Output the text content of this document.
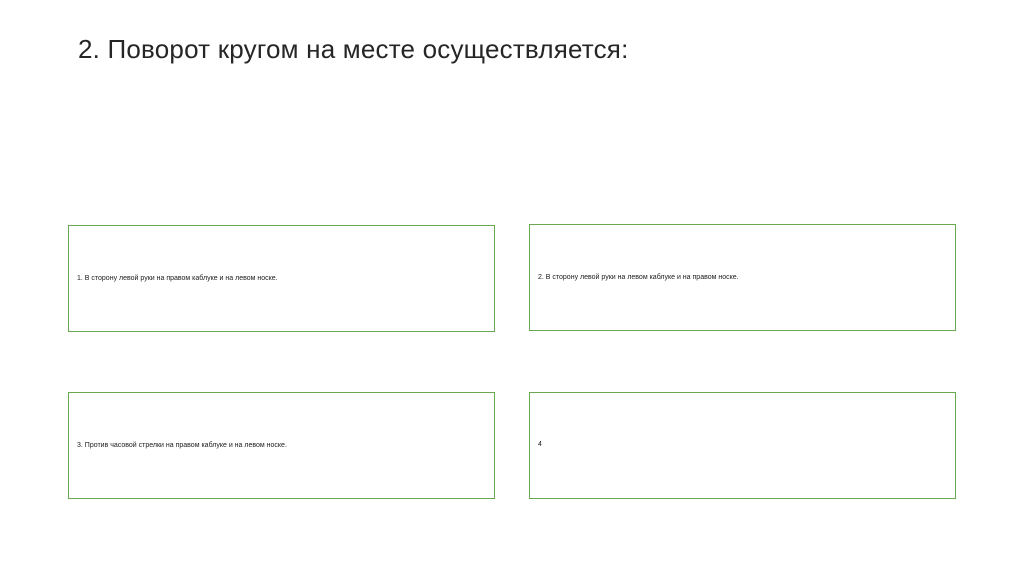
2. Поворот кругом на месте осуществляется:
1. В сторону левой руки на правом каблуке и на левом носке.	2. В сторону левой руки на левом каблуке и на правом носке.
3. Против часовой стрелки на правом каблуке и на левом носке.	4
